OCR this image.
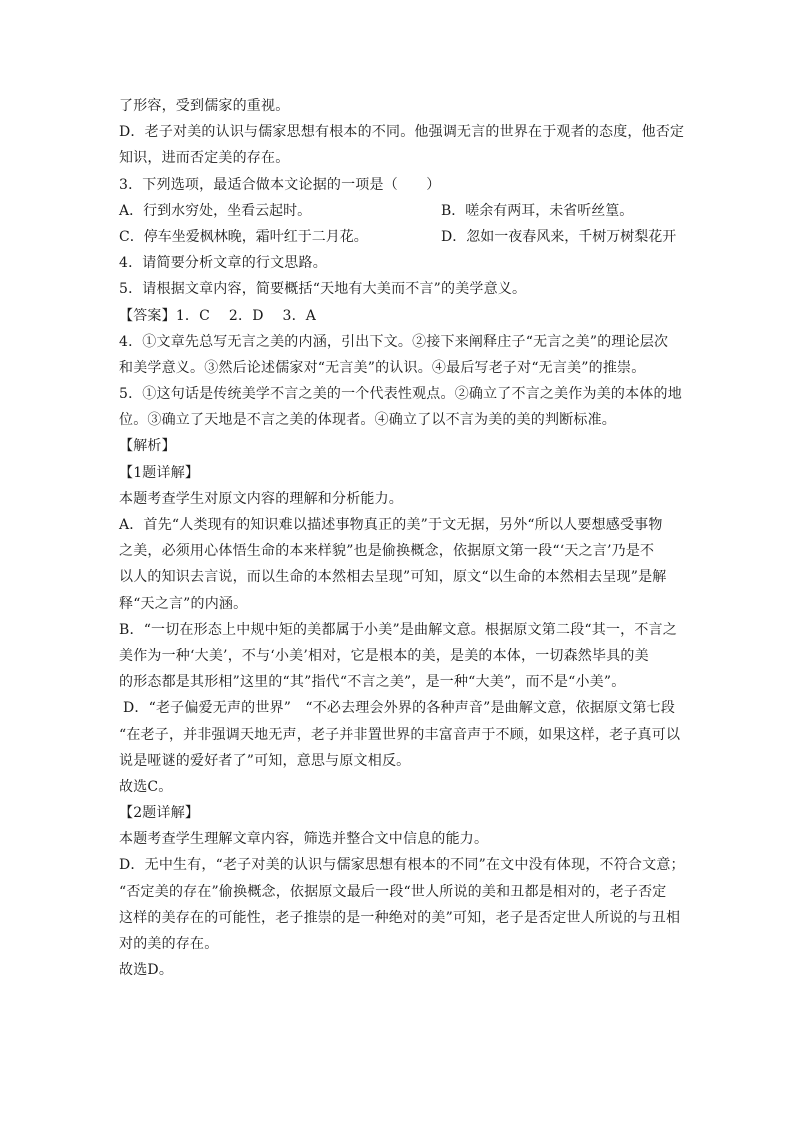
了形容，受到儒家的重视。
D．老子对美的认识与儒家思想有根本的不同。他强调无言的世界在于观者的态度，他否定
知识，进而否定美的存在。
3．下列选项，最适合做本文论据的一项是（　　）
A．行到水穷处，坐看云起时。	B．嗟余有两耳，未省听丝篁。
C．停车坐爱枫林晚，霜叶红于二月花。	D．忽如一夜春风来，千树万树梨花开
4．请简要分析文章的行文思路。
5．请根据文章内容，简要概括“天地有大美而不言”的美学意义。
【答案】1．C　 2．D　 3．A
4．①文章先总写无言之美的内涵，引出下文。②接下来阐释庄子“无言之美”的理论层次
和美学意义。③然后论述儒家对“无言美”的认识。④最后写老子对“无言美”的推崇。
5．①这句话是传统美学不言之美的一个代表性观点。②确立了不言之美作为美的本体的地
位。③确立了天地是不言之美的体现者。④确立了以不言为美的美的判断标准。
【解析】
【1题详解】
本题考查学生对原文内容的理解和分析能力。
A．首先“人类现有的知识难以描述事物真正的美”于文无据，另外“所以人要想感受事物
之美，必须用心体悟生命的本来样貌”也是偷换概念，依据原文第一段“‘天之言’乃是不
以人的知识去言说，而以生命的本然相去呈现”可知，原文“以生命的本然相去呈现”是解
释“天之言”的内涵。
B．“一切在形态上中规中矩的美都属于小美”是曲解文意。根据原文第二段“其一，不言之
美作为一种‘大美’，不与‘小美’相对，它是根本的美，是美的本体，一切森然毕具的美
的形态都是其形相”这里的“其”指代“不言之美”，是一种“大美”，而不是“小美”。
D．“老子偏爱无声的世界”　“不必去理会外界的各种声音”是曲解文意，依据原文第七段
“在老子，并非强调天地无声，老子并非置世界的丰富音声于不顾，如果这样，老子真可以
说是哑谜的爱好者了”可知，意思与原文相反。
故选C。
【2题详解】
本题考查学生理解文章内容，筛选并整合文中信息的能力。
D．无中生有，“老子对美的认识与儒家思想有根本的不同”在文中没有体现，不符合文意；
“否定美的存在”偷换概念，依据原文最后一段“世人所说的美和丑都是相对的，老子否定
这样的美存在的可能性，老子推崇的是一种绝对的美”可知，老子是否定世人所说的与丑相
对的美的存在。
故选D。
